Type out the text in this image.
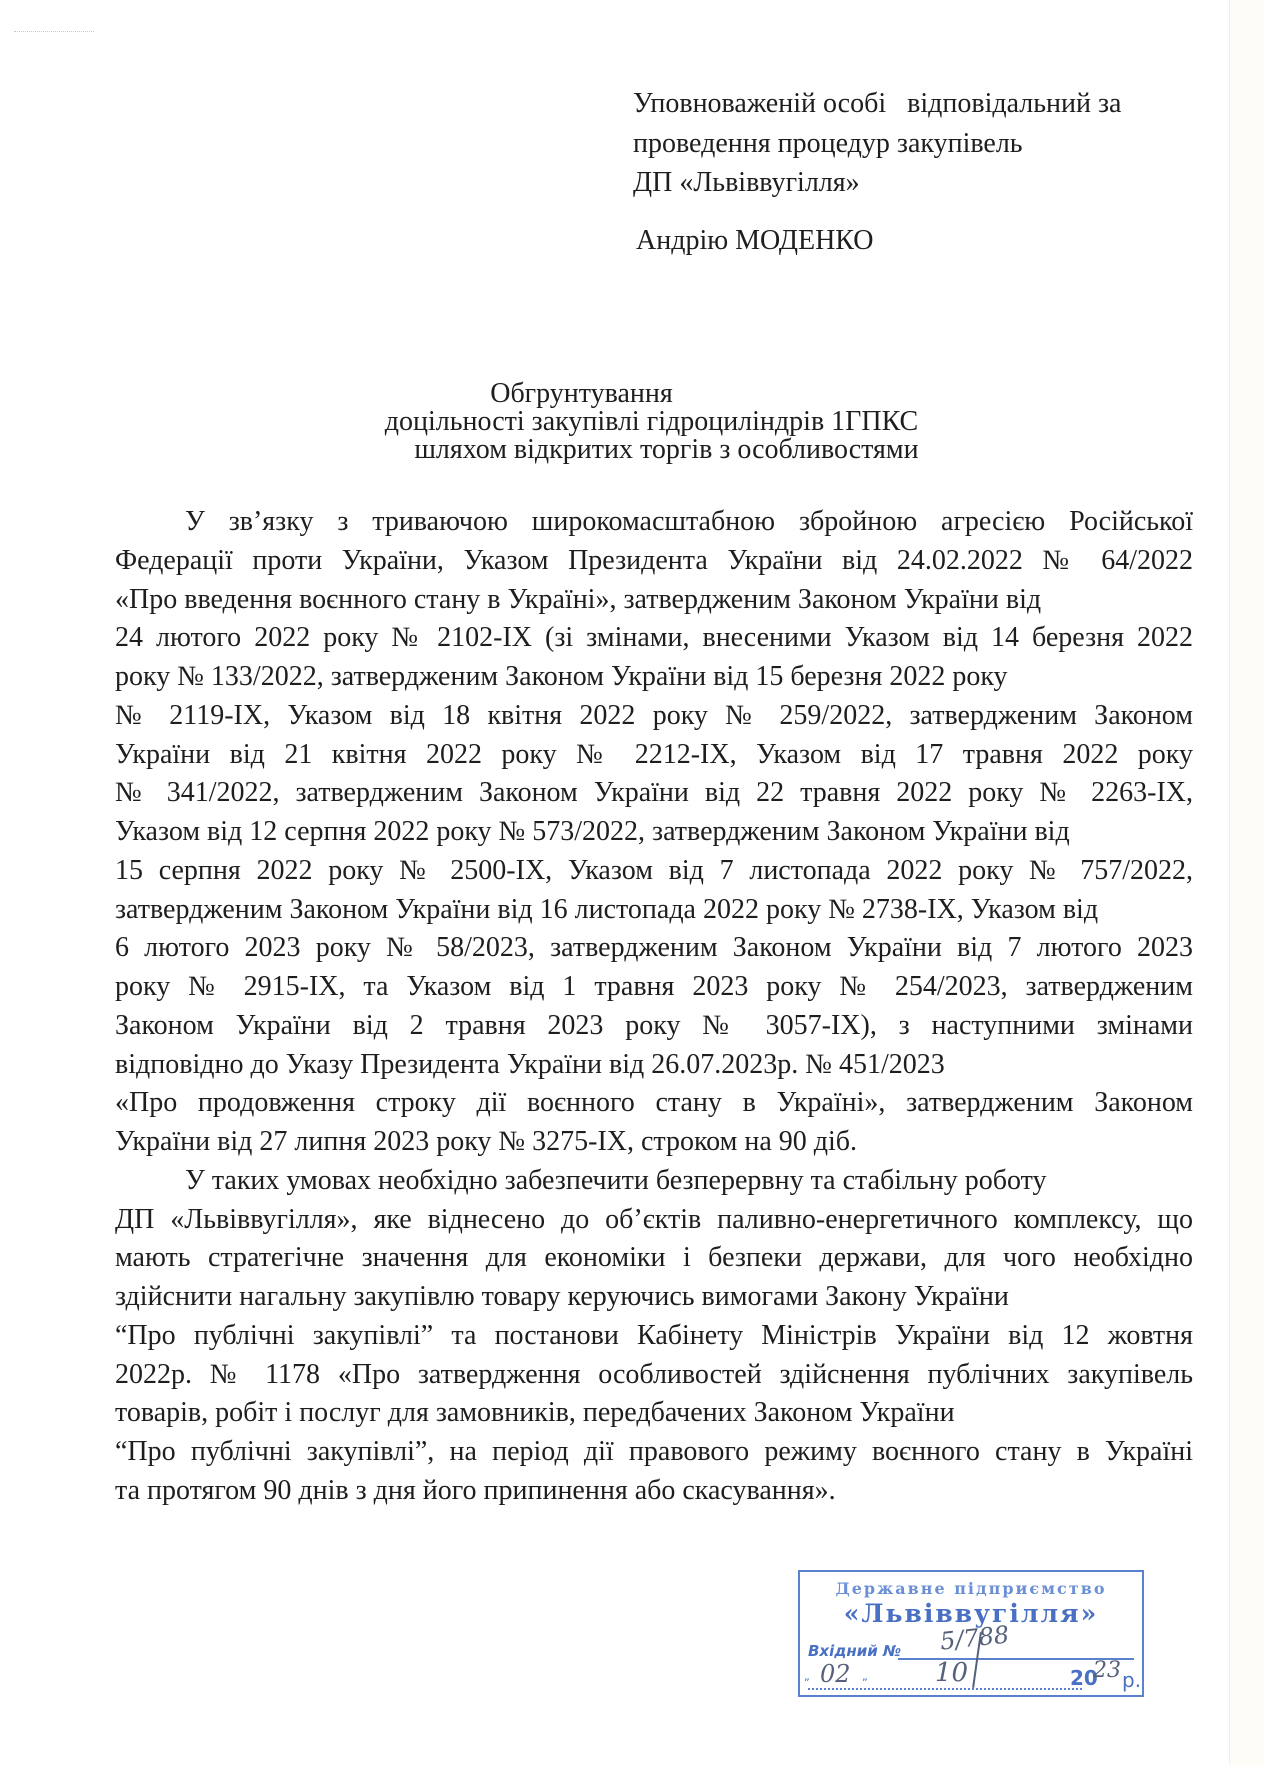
Уповноваженій особі   відповідальний за
проведення процедур закупівель
ДП «Львіввугілля»
Андрію МОДЕНКО
Обгрунтування
доцільності закупівлі гідроциліндрів 1ГПКС
шляхом відкритих торгів з особливостями
У зв’язку з триваючою широкомасштабною збройною агресією Російської
Федерації проти України, Указом Президента України від 24.02.2022 № 64/2022
«Про введення воєнного стану в Україні», затвердженим Законом України від
24 лютого 2022 року № 2102-IX (зі змінами, внесеними Указом від 14 березня 2022
року № 133/2022, затвердженим Законом України від 15 березня 2022 року
№ 2119-IX, Указом від 18 квітня 2022 року № 259/2022, затвердженим Законом
України від 21 квітня 2022 року № 2212-IX, Указом від 17 травня 2022 року
№ 341/2022, затвердженим Законом України від 22 травня 2022 року № 2263-IX,
Указом від 12 серпня 2022 року № 573/2022, затвердженим Законом України від
15 серпня 2022 року № 2500-IX, Указом від 7 листопада 2022 року № 757/2022,
затвердженим Законом України від 16 листопада 2022 року № 2738-IX, Указом від
6 лютого 2023 року № 58/2023, затвердженим Законом України від 7 лютого 2023
року № 2915-IX, та Указом від 1 травня 2023 року № 254/2023, затвердженим
Законом України від 2 травня 2023 року № 3057-IX), з наступними змінами
відповідно до Указу Президента України від 26.07.2023р. № 451/2023
«Про продовження строку дії воєнного стану в Україні», затвердженим Законом
України від 27 липня 2023 року № 3275-IX, строком на 90 діб.
У таких умовах необхідно забезпечити безперервну та стабільну роботу
ДП «Львіввугілля», яке віднесено до об’єктів паливно-енергетичного комплексу, що
мають стратегічне значення для економіки і безпеки держави, для чого необхідно
здійснити нагальну закупівлю товару керуючись вимогами Закону України
“Про публічні закупівлі” та постанови Кабінету Міністрів України від 12 жовтня
2022р. № 1178 «Про затвердження особливостей здійснення публічних закупівель
товарів, робіт і послуг для замовників, передбачених Законом України
“Про публічні закупівлі”, на період дії правового режиму воєнного стану в Україні
та протягом 90 днів з дня його припинення або скасування».
Державне підприємство
«Львіввугілля»
Вхідний № 5/788
„ 02 „	10	20
23 р.
